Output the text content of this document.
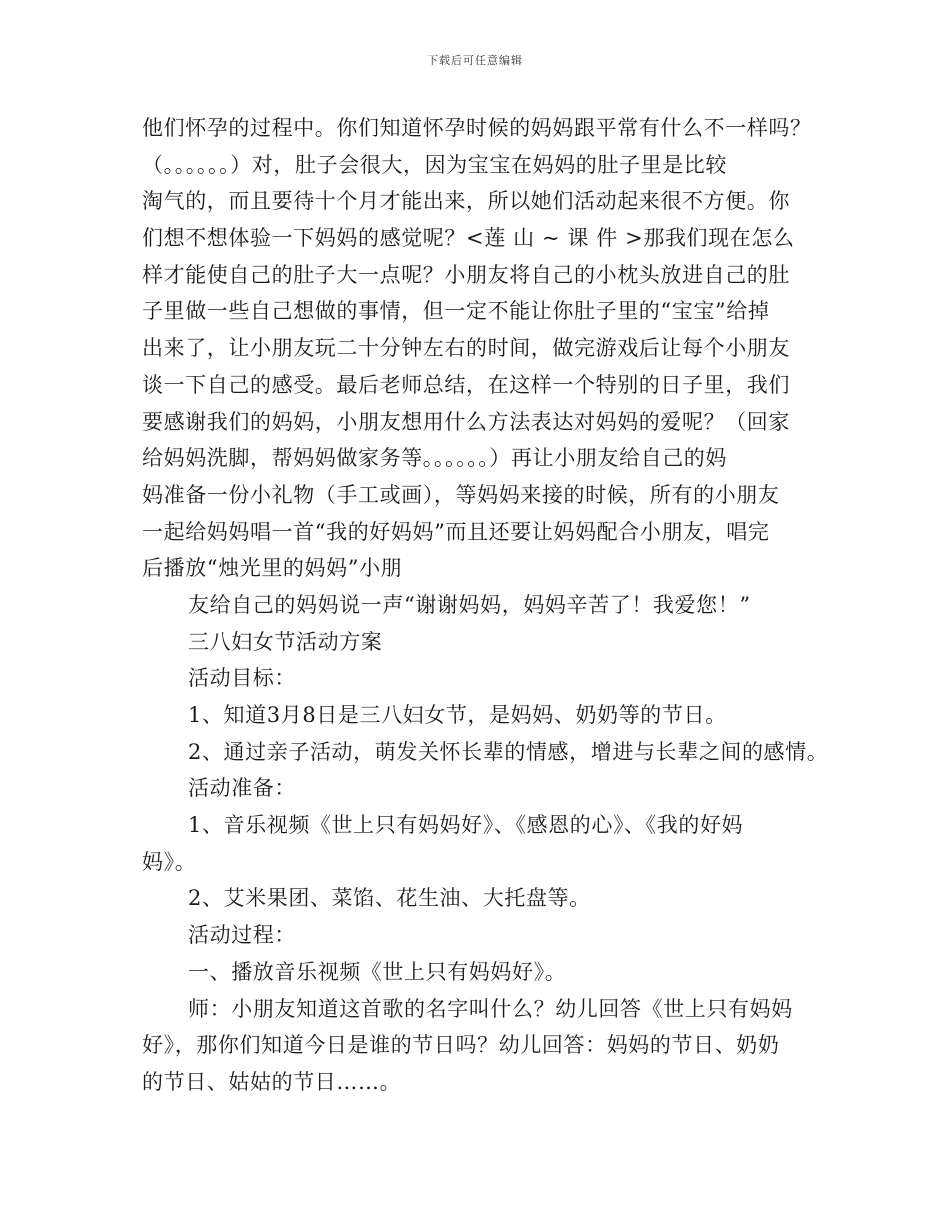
下载后可任意编辑
他们怀孕的过程中。你们知道怀孕时候的妈妈跟平常有什么不一样吗？
（。。。。。。）对，肚子会很大，因为宝宝在妈妈的肚子里是比较
淘气的，而且要待十个月才能出来，所以她们活动起来很不方便。你
们想不想体验一下妈妈的感觉呢？<莲 山 ~ 课 件 >那我们现在怎么
样才能使自己的肚子大一点呢？小朋友将自己的小枕头放进自己的肚
子里做一些自己想做的事情，但一定不能让你肚子里的“宝宝”给掉
出来了，让小朋友玩二十分钟左右的时间，做完游戏后让每个小朋友
谈一下自己的感受。最后老师总结，在这样一个特别的日子里，我们
要感谢我们的妈妈，小朋友想用什么方法表达对妈妈的爱呢？（回家
给妈妈洗脚，帮妈妈做家务等。。。。。。）再让小朋友给自己的妈
妈准备一份小礼物（手工或画），等妈妈来接的时候，所有的小朋友
一起给妈妈唱一首“我的好妈妈”而且还要让妈妈配合小朋友，唱完
后播放“烛光里的妈妈”小朋
友给自己的妈妈说一声“谢谢妈妈，妈妈辛苦了！我爱您！”
三八妇女节活动方案
活动目标：
1、知道3月8日是三八妇女节，是妈妈、奶奶等的节日。
2、通过亲子活动，萌发关怀长辈的情感，增进与长辈之间的感情。
活动准备：
1、音乐视频《世上只有妈妈好》、《感恩的心》、《我的好妈
妈》。
2、艾米果团、菜馅、花生油、大托盘等。
活动过程：
一、播放音乐视频《世上只有妈妈好》。
师：小朋友知道这首歌的名字叫什么？幼儿回答《世上只有妈妈
好》，那你们知道今日是谁的节日吗？幼儿回答：妈妈的节日、奶奶
的节日、姑姑的节日……。
